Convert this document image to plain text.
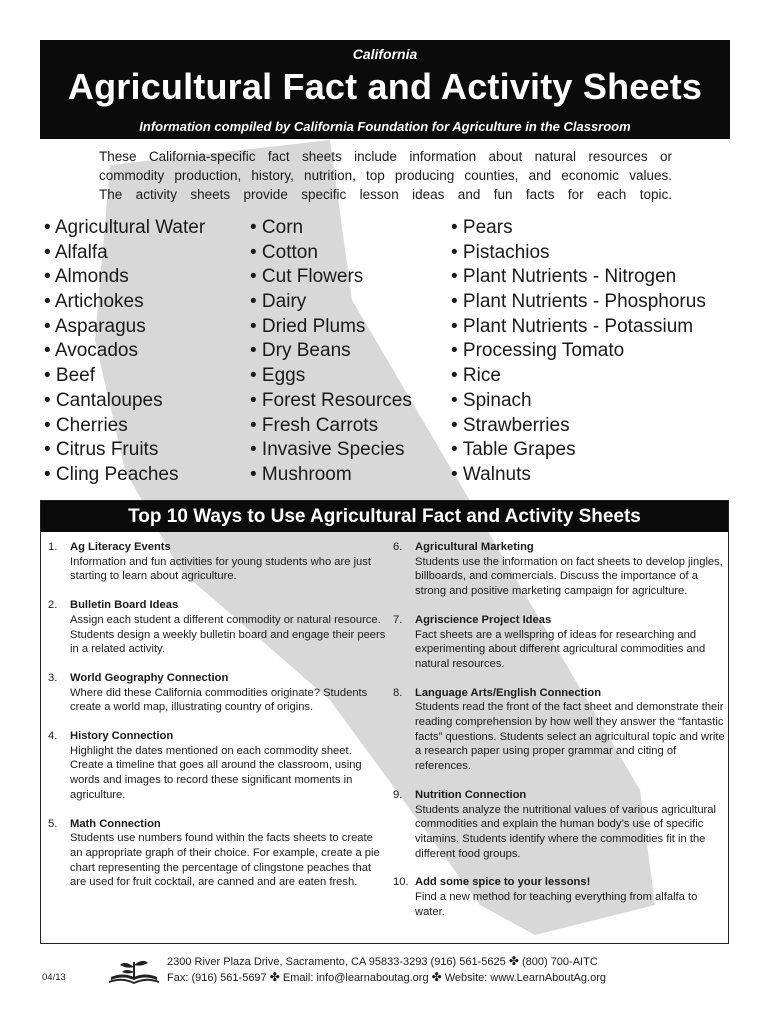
California
Agricultural Fact and Activity Sheets
Information compiled by California Foundation for Agriculture in the Classroom
These California-specific fact sheets include information about natural resources or
commodity production, history, nutrition, top producing counties, and economic values.
The activity sheets provide specific lesson ideas and fun facts for each topic.
• Agricultural Water
• Alfalfa
• Almonds
• Artichokes
• Asparagus
• Avocados
• Beef
• Cantaloupes
• Cherries
• Citrus Fruits
• Cling Peaches
• Corn
• Cotton
• Cut Flowers
• Dairy
• Dried Plums
• Dry Beans
• Eggs
• Forest Resources
• Fresh Carrots
• Invasive Species
• Mushroom
• Pears
• Pistachios
• Plant Nutrients - Nitrogen
• Plant Nutrients - Phosphorus
• Plant Nutrients - Potassium
• Processing Tomato
• Rice
• Spinach
• Strawberries
• Table Grapes
• Walnuts
Top 10 Ways to Use Agricultural Fact and Activity Sheets
1. Ag Literacy Events
Information and fun activities for young students who are just starting to learn about agriculture.
2. Bulletin Board Ideas
Assign each student a different commodity or natural resource. Students design a weekly bulletin board and engage their peers in a related activity.
3. World Geography Connection
Where did these California commodities originate? Students create a world map, illustrating country of origins.
4. History Connection
Highlight the dates mentioned on each commodity sheet. Create a timeline that goes all around the classroom, using words and images to record these significant moments in agriculture.
5. Math Connection
Students use numbers found within the facts sheets to create an appropriate graph of their choice. For example, create a pie chart representing the percentage of clingstone peaches that are used for fruit cocktail, are canned and are eaten fresh.
6. Agricultural Marketing
Students use the information on fact sheets to develop jingles, billboards, and commercials. Discuss the importance of a strong and positive marketing campaign for agriculture.
7. Agriscience Project Ideas
Fact sheets are a wellspring of ideas for researching and experimenting about different agricultural commodities and natural resources.
8. Language Arts/English Connection
Students read the front of the fact sheet and demonstrate their reading comprehension by how well they answer the “fantastic facts” questions. Students select an agricultural topic and write a research paper using proper grammar and citing of references.
9. Nutrition Connection
Students analyze the nutritional values of various agricultural commodities and explain the human body’s use of specific vitamins. Students identify where the commodities fit in the different food groups.
10. Add some spice to your lessons!
Find a new method for teaching everything from alfalfa to water.
2300 River Plaza Drive, Sacramento, CA 95833-3293 (916) 561-5625 ✤ (800) 700-AITC
Fax: (916) 561-5697 ✤ Email: info@learnaboutag.org ✤ Website: www.LearnAboutAg.org
04/13
